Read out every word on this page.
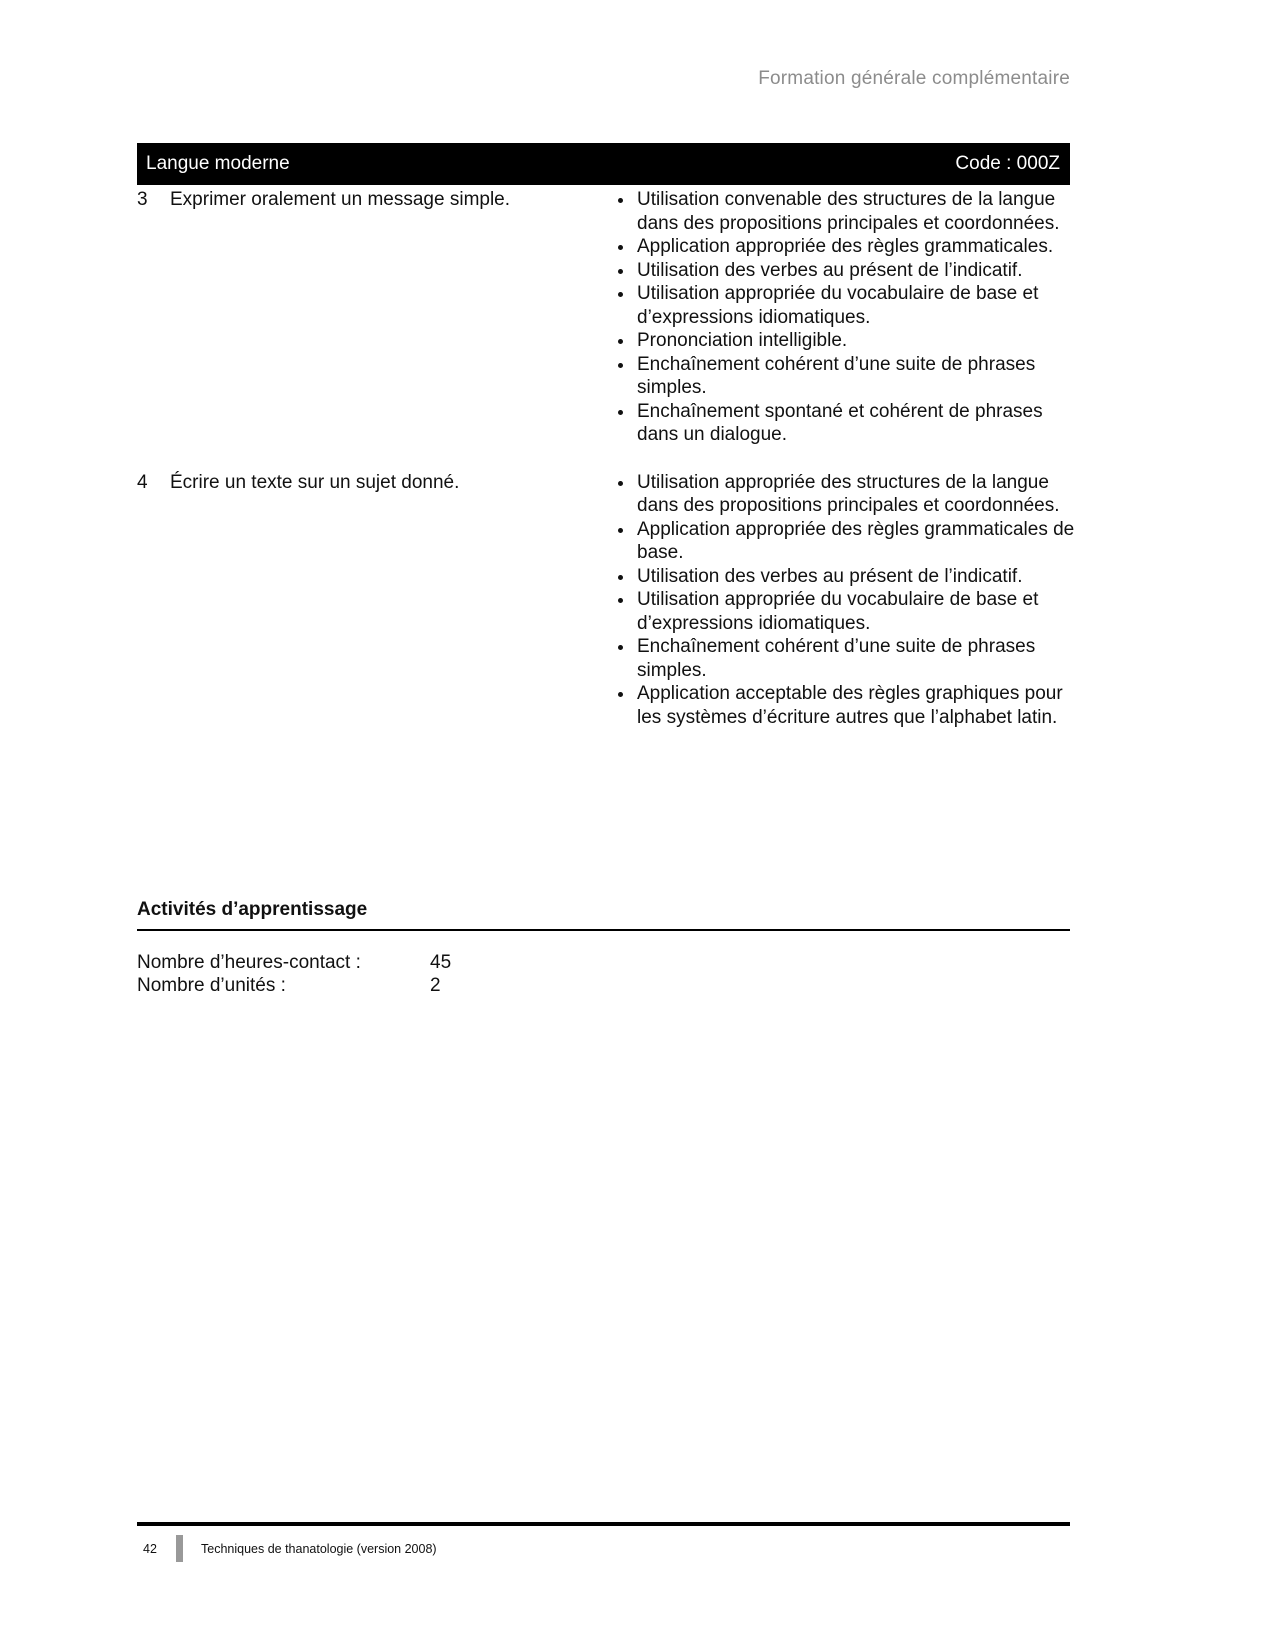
Formation générale complémentaire
Langue moderne	Code : 000Z
3	Exprimer oralement un message simple.	• Utilisation convenable des structures de la langue dans des propositions principales et coordonnées.
• Application appropriée des règles grammaticales.
• Utilisation des verbes au présent de l’indicatif.
• Utilisation appropriée du vocabulaire de base et d’expressions idiomatiques.
• Prononciation intelligible.
• Enchaînement cohérent d’une suite de phrases simples.
• Enchaînement spontané et cohérent de phrases dans un dialogue.
4	Écrire un texte sur un sujet donné.	• Utilisation appropriée des structures de la langue dans des propositions principales et coordonnées.
• Application appropriée des règles grammaticales de base.
• Utilisation des verbes au présent de l’indicatif.
• Utilisation appropriée du vocabulaire de base et d’expressions idiomatiques.
• Enchaînement cohérent d’une suite de phrases simples.
• Application acceptable des règles graphiques pour les systèmes d’écriture autres que l’alphabet latin.
Activités d’apprentissage
Nombre d’heures-contact :	45
Nombre d’unités :	2
42	Techniques de thanatologie (version 2008)
